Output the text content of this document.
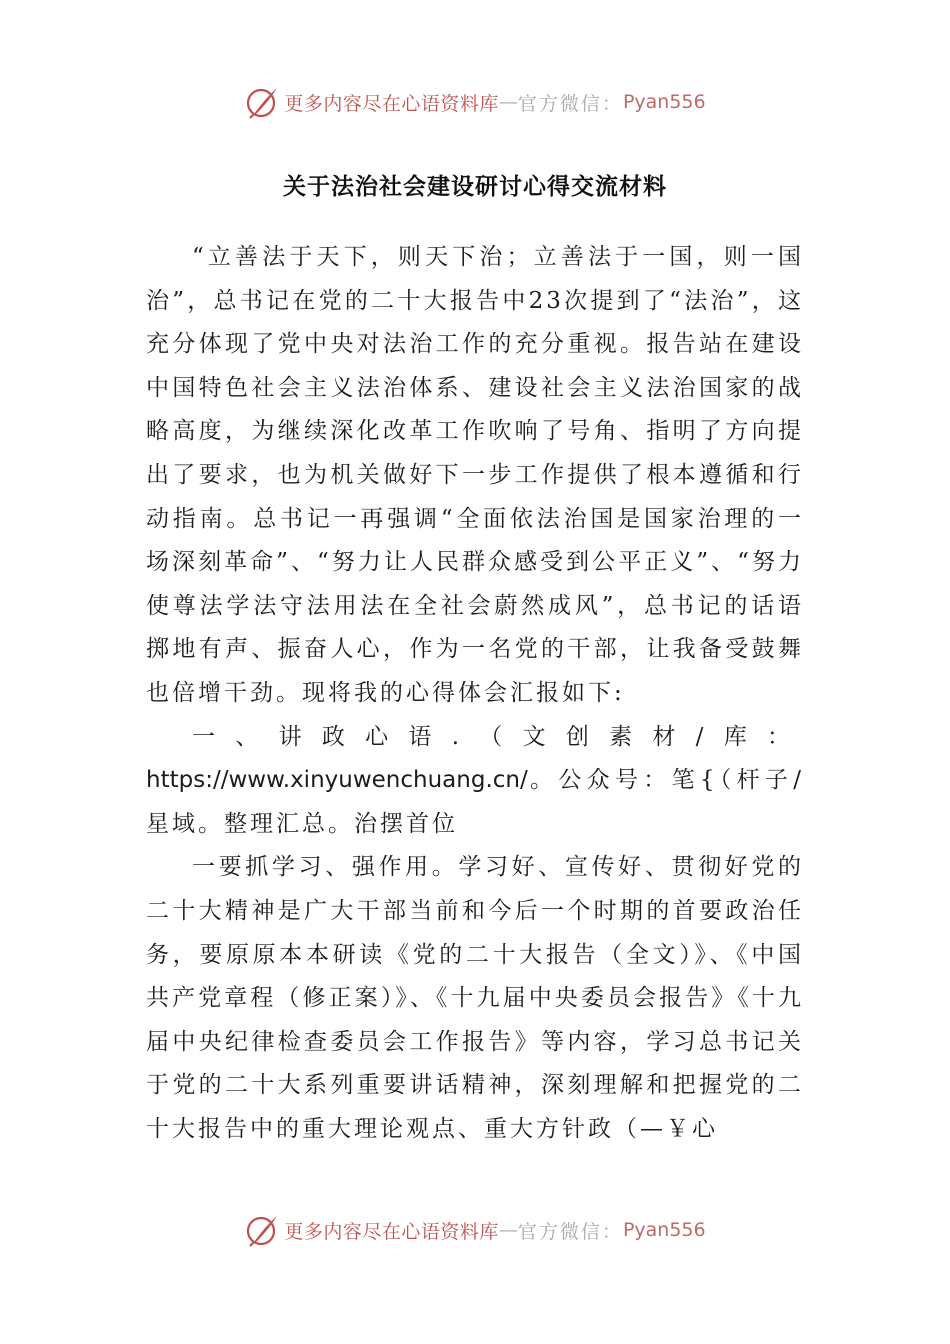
更多内容尽在心语资料库 — 官方微信： Pyan556
关于法治社会建设研讨心得交流材料

“立善法于天下，则天下治；立善法于一国，则一国治”，总书记在党的二十大报告中23次提到了“法治”，这充分体现了党中央对法治工作的充分重视。报告站在建设中国特色社会主义法治体系、建设社会主义法治国家的战略高度，为继续深化改革工作吹响了号角、指明了方向提出了要求，也为机关做好下一步工作提供了根本遵循和行动指南。总书记一再强调“全面依法治国是国家治理的一场深刻革命”、“努力让人民群众感受到公平正义”、“努力使尊法学法守法用法在全社会蔚然成风”，总书记的话语掷地有声、振奋人心，作为一名党的干部，让我备受鼓舞也倍增干劲。现将我的心得体会汇报如下:

一、讲政心语.（文创素材/库：https://www.xinyuwenchuang.cn/。公众号：笔{（杆子/星域。整理汇总。治摆首位

一要抓学习、强作用。学习好、宣传好、贯彻好党的二十大精神是广大干部当前和今后一个时期的首要政治任务，要原原本本研读《党的二十大报告（全文）》、《中国共产党章程（修正案）》、《十九届中央委员会报告》《十九届中央纪律检查委员会工作报告》等内容，学习总书记关于党的二十大系列重要讲话精神，深刻理解和把握党的二十大报告中的重大理论观点、重大方针政（—￥心

更多内容尽在心语资料库 — 官方微信： Pyan556
